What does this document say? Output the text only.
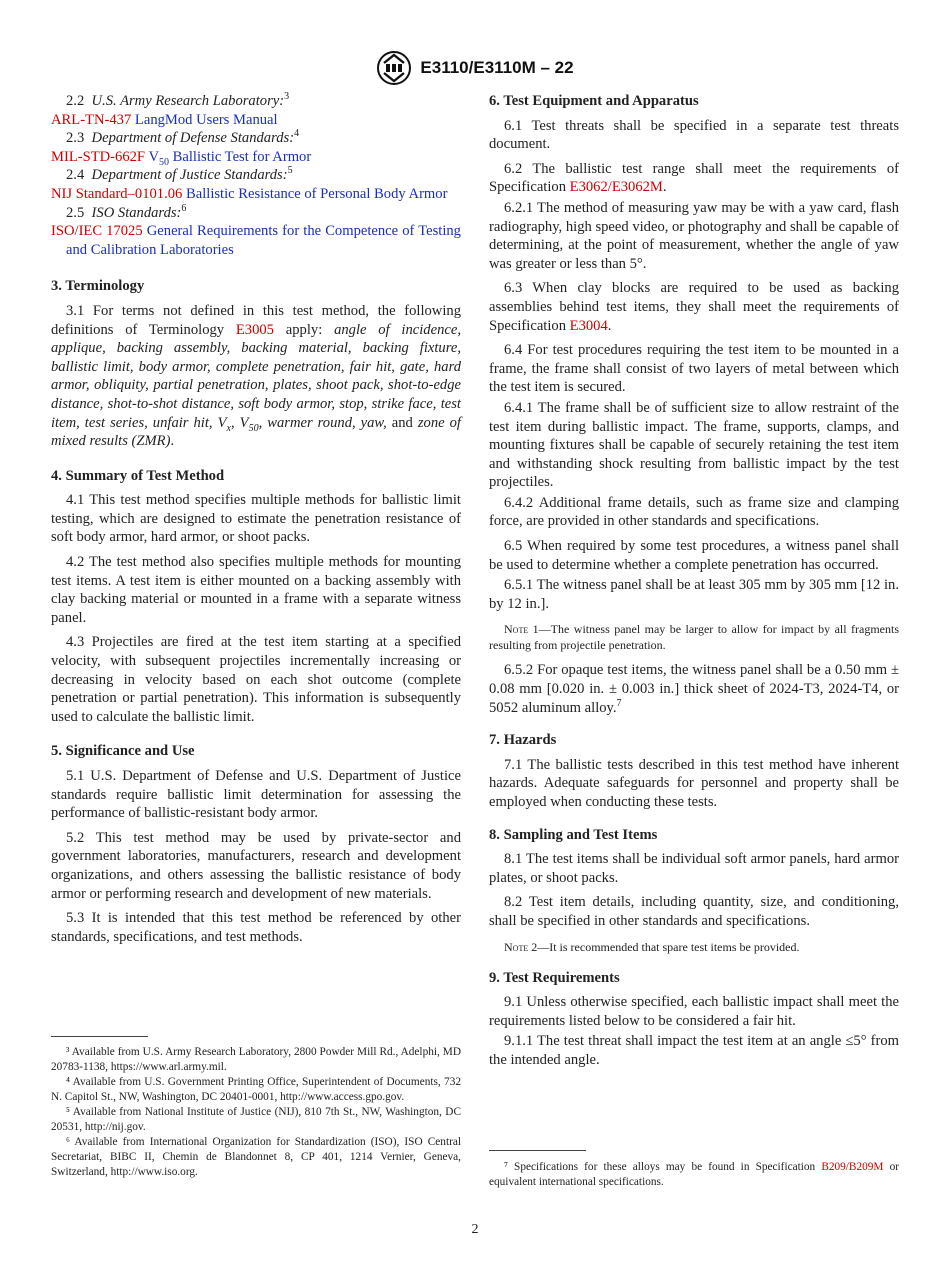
E3110/E3110M – 22

2.2 U.S. Army Research Laboratory:$^3$

ARL-TN-437 LangMod Users Manual

2.3 Department of Defense Standards:$^4$

MIL-STD-662F $V_{50}$ Ballistic Test for Armor

2.4 Department of Justice Standards:$^5$

NIJ Standard–0101.06 Ballistic Resistance of Personal Body Armor

2.5 ISO Standards:$^6$

ISO/IEC 17025 General Requirements for the Competence of Testing and Calibration Laboratories

3. Terminology

3.1 For terms not defined in this test method, the following definitions of Terminology E3005 apply: angle of incidence, applique, backing assembly, backing material, backing fixture, ballistic limit, body armor, complete penetration, fair hit, gate, hard armor, obliquity, partial penetration, plates, shoot pack, shot-to-edge distance, shot-to-shot distance, soft body armor, stop, strike face, test item, test series, unfair hit, $V_x$, $V_{50}$, warmer round, yaw, and zone of mixed results (ZMR).

4. Summary of Test Method

4.1 This test method specifies multiple methods for ballistic limit testing, which are designed to estimate the penetration resistance of soft body armor, hard armor, or shoot packs.

4.2 The test method also specifies multiple methods for mounting test items. A test item is either mounted on a backing assembly with clay backing material or mounted in a frame with a separate witness panel.

4.3 Projectiles are fired at the test item starting at a specified velocity, with subsequent projectiles incrementally increasing or decreasing in velocity based on each shot outcome (complete penetration or partial penetration). This information is subsequently used to calculate the ballistic limit.

5. Significance and Use

5.1 U.S. Department of Defense and U.S. Department of Justice standards require ballistic limit determination for assessing the performance of ballistic-resistant body armor.

5.2 This test method may be used by private-sector and government laboratories, manufacturers, research and development organizations, and others assessing the ballistic resistance of body armor or performing research and development of new materials.

5.3 It is intended that this test method be referenced by other standards, specifications, and test methods.

³ Available from U.S. Army Research Laboratory, 2800 Powder Mill Rd., Adelphi, MD 20783-1138, https://www.arl.army.mil.

⁴ Available from U.S. Government Printing Office, Superintendent of Documents, 732 N. Capitol St., NW, Washington, DC 20401-0001, http://www.access.gpo.gov.

⁵ Available from National Institute of Justice (NIJ), 810 7th St., NW, Washington, DC 20531, http://nij.gov.

⁶ Available from International Organization for Standardization (ISO), ISO Central Secretariat, BIBC II, Chemin de Blandonnet 8, CP 401, 1214 Vernier, Geneva, Switzerland, http://www.iso.org.

6. Test Equipment and Apparatus

6.1 Test threats shall be specified in a separate test threats document.

6.2 The ballistic test range shall meet the requirements of Specification E3062/E3062M.

6.2.1 The method of measuring yaw may be with a yaw card, flash radiography, high speed video, or photography and shall be capable of determining, at the point of measurement, whether the angle of yaw was greater or less than 5°.

6.3 When clay blocks are required to be used as backing assemblies behind test items, they shall meet the requirements of Specification E3004.

6.4 For test procedures requiring the test item to be mounted in a frame, the frame shall consist of two layers of metal between which the test item is secured.

6.4.1 The frame shall be of sufficient size to allow restraint of the test item during ballistic impact. The frame, supports, clamps, and mounting fixtures shall be capable of securely retaining the test item and withstanding shock resulting from ballistic impact by the test projectiles.

6.4.2 Additional frame details, such as frame size and clamping force, are provided in other standards and specifications.

6.5 When required by some test procedures, a witness panel shall be used to determine whether a complete penetration has occurred.

6.5.1 The witness panel shall be at least 305 mm by 305 mm [12 in. by 12 in.].

Note 1—The witness panel may be larger to allow for impact by all fragments resulting from projectile penetration.

6.5.2 For opaque test items, the witness panel shall be a 0.50 mm ± 0.08 mm [0.020 in. ± 0.003 in.] thick sheet of 2024-T3, 2024-T4, or 5052 aluminum alloy.$^7$

7. Hazards

7.1 The ballistic tests described in this test method have inherent hazards. Adequate safeguards for personnel and property shall be employed when conducting these tests.

8. Sampling and Test Items

8.1 The test items shall be individual soft armor panels, hard armor plates, or shoot packs.

8.2 Test item details, including quantity, size, and conditioning, shall be specified in other standards and specifications.

Note 2—It is recommended that spare test items be provided.

9. Test Requirements

9.1 Unless otherwise specified, each ballistic impact shall meet the requirements listed below to be considered a fair hit.

9.1.1 The test threat shall impact the test item at an angle ≤5° from the intended angle.

⁷ Specifications for these alloys may be found in Specification B209/B209M or equivalent international specifications.

2
